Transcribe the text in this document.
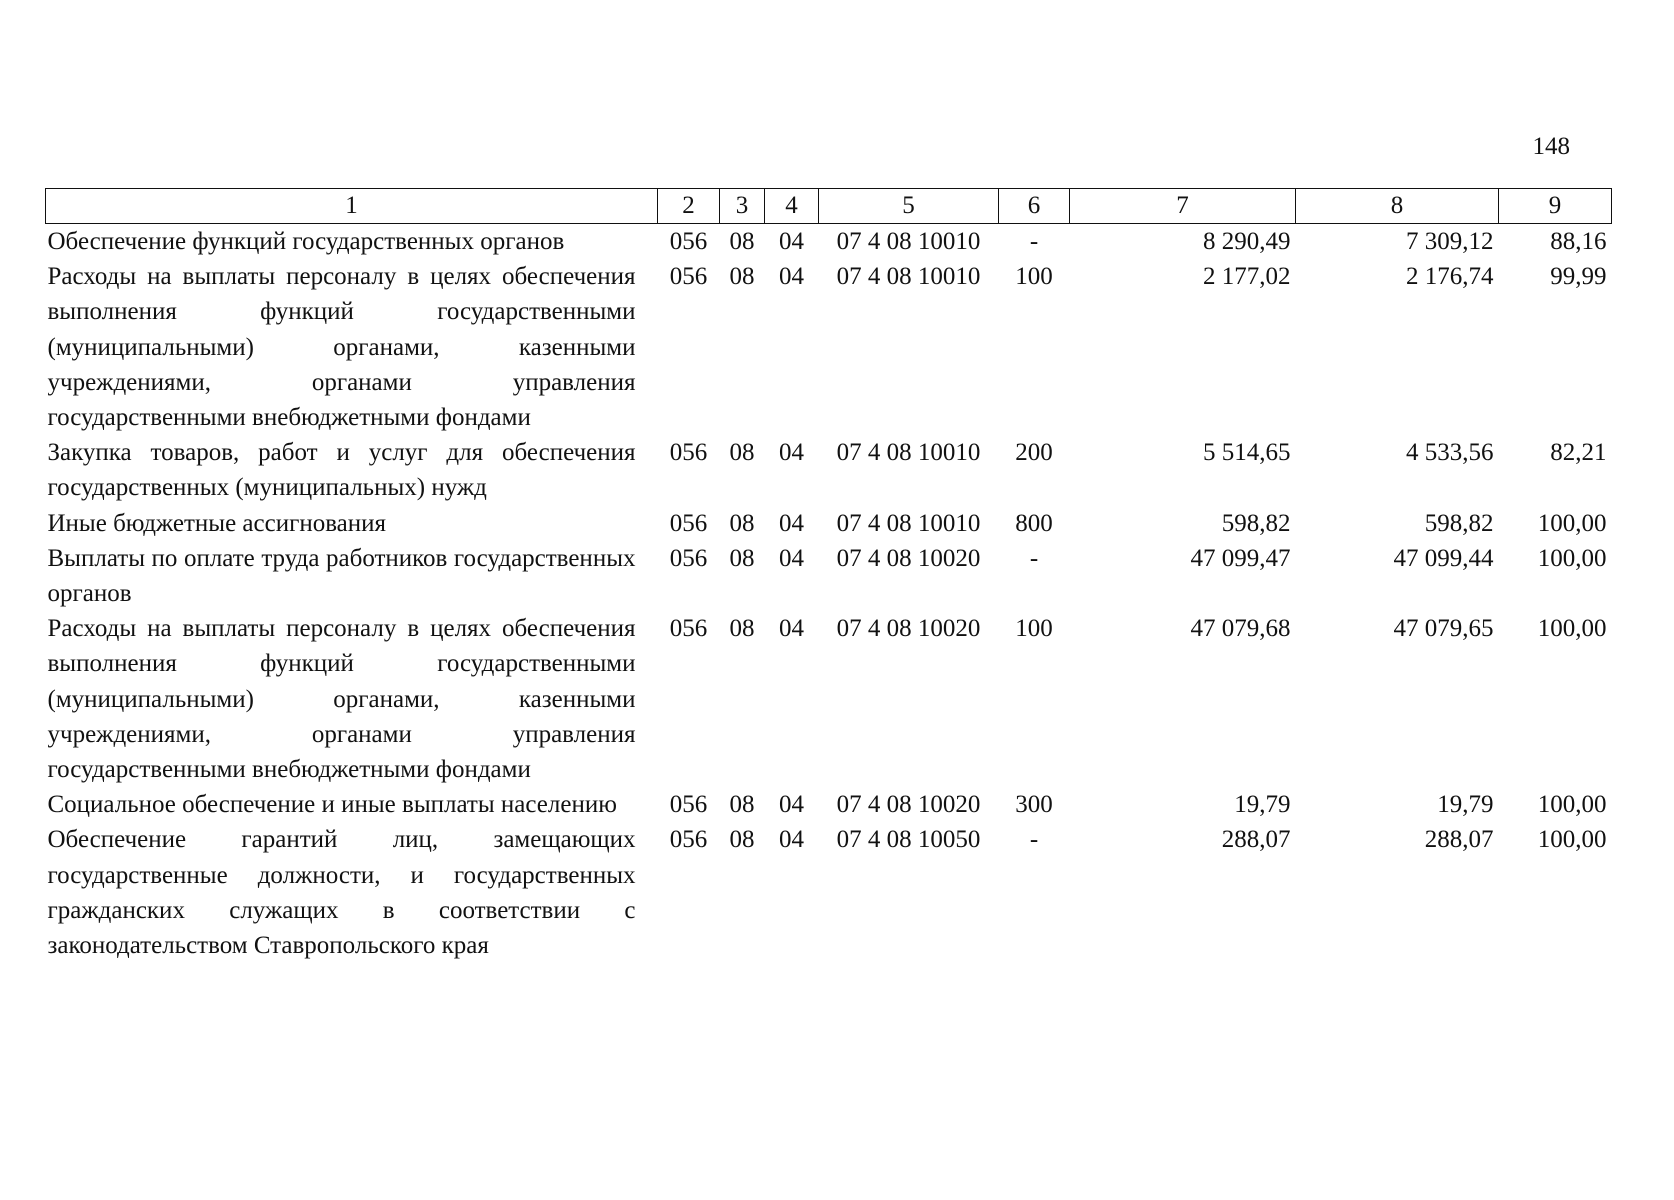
148
1	2	3	4	5	6	7	8	9
Обеспечение функций государственных органов	056	08	04	07 4 08 10010	-	8 290,49	7 309,12	88,16
Расходы на выплаты персоналу в целях обеспечения выполнения функций государственными (муниципальными) органами, казенными учреждениями, органами управления государственными внебюджетными фондами	056	08	04	07 4 08 10010	100	2 177,02	2 176,74	99,99
Закупка товаров, работ и услуг для обеспечения государственных (муниципальных) нужд	056	08	04	07 4 08 10010	200	5 514,65	4 533,56	82,21
Иные бюджетные ассигнования	056	08	04	07 4 08 10010	800	598,82	598,82	100,00
Выплаты по оплате труда работников государственных органов	056	08	04	07 4 08 10020	-	47 099,47	47 099,44	100,00
Расходы на выплаты персоналу в целях обеспечения выполнения функций государственными (муниципальными) органами, казенными учреждениями, органами управления государственными внебюджетными фондами	056	08	04	07 4 08 10020	100	47 079,68	47 079,65	100,00
Социальное обеспечение и иные выплаты населению	056	08	04	07 4 08 10020	300	19,79	19,79	100,00
Обеспечение гарантий лиц, замещающих государственные должности, и государственных гражданских служащих в соответствии с законодательством Ставропольского края	056	08	04	07 4 08 10050	-	288,07	288,07	100,00
